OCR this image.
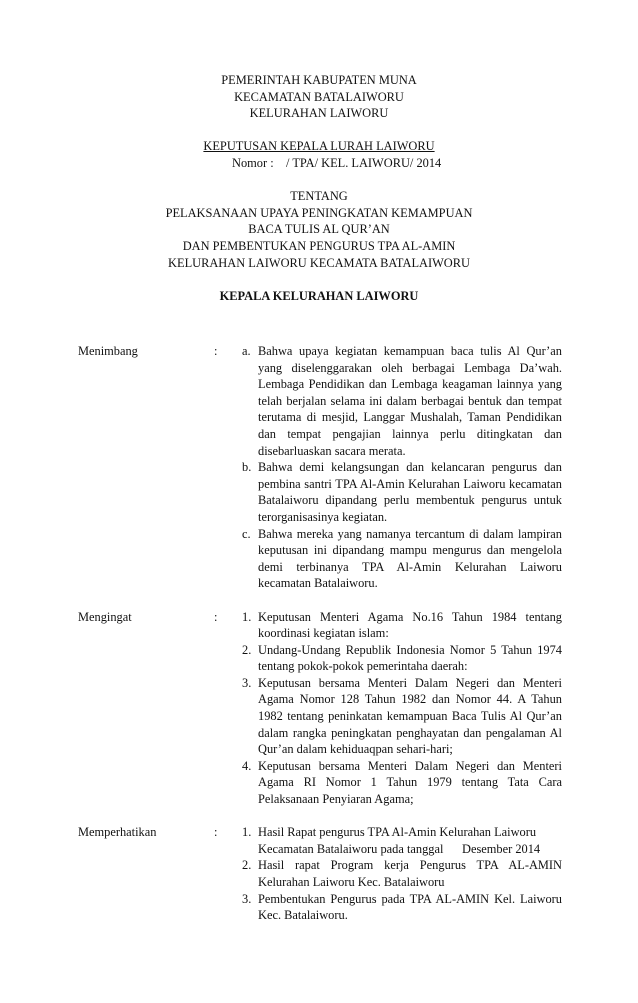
PEMERINTAH KABUPATEN MUNA
KECAMATAN BATALAIWORU
KELURAHAN LAIWORU
KEPUTUSAN KEPALA LURAH LAIWORU
Nomor : / TPA/ KEL. LAIWORU/ 2014
TENTANG
PELAKSANAAN UPAYA PENINGKATAN KEMAMPUAN
BACA TULIS AL QUR’AN
DAN PEMBENTUKAN PENGURUS TPA AL-AMIN
KELURAHAN LAIWORU KECAMATA BATALAIWORU
KEPALA KELURAHAN LAIWORU
Menimbang	: a. Bahwa upaya kegiatan kemampuan baca tulis Al Qur’an yang diselenggarakan oleh berbagai Lembaga Da’wah. Lembaga Pendidikan dan Lembaga keagaman lainnya yang telah berjalan selama ini dalam berbagai bentuk dan tempat terutama di mesjid, Langgar Mushalah, Taman Pendidikan dan tempat pengajian lainnya perlu ditingkatan dan disebarluaskan sacara merata.
b. Bahwa demi kelangsungan dan kelancaran pengurus dan pembina santri TPA Al-Amin Kelurahan Laiworu kecamatan Batalaiworu dipandang perlu membentuk pengurus untuk terorganisasinya kegiatan.
c. Bahwa mereka yang namanya tercantum di dalam lampiran keputusan ini dipandang mampu mengurus dan mengelola demi terbinanya TPA Al-Amin Kelurahan Laiworu kecamatan Batalaiworu.
Mengingat	: 1. Keputusan Menteri Agama No.16 Tahun 1984 tentang koordinasi kegiatan islam:
2. Undang-Undang Republik Indonesia Nomor 5 Tahun 1974 tentang pokok-pokok pemerintaha daerah:
3. Keputusan bersama Menteri Dalam Negeri dan Menteri Agama Nomor 128 Tahun 1982 dan Nomor 44. A Tahun 1982 tentang peninkatan kemampuan Baca Tulis Al Qur’an dalam rangka peningkatan penghayatan dan pengalaman Al Qur’an dalam kehiduaqpan sehari-hari;
4. Keputusan bersama Menteri Dalam Negeri dan Menteri Agama RI Nomor 1 Tahun 1979 tentang Tata Cara Pelaksanaan Penyiaran Agama;
Memperhatikan	: 1. Hasil Rapat pengurus TPA Al-Amin Kelurahan Laiworu Kecamatan Batalaiworu pada tanggal      Desember 2014
2. Hasil rapat Program kerja Pengurus TPA AL-AMIN Kelurahan Laiworu Kec. Batalaiworu
3. Pembentukan Pengurus pada TPA AL-AMIN Kel. Laiworu Kec. Batalaiworu.
